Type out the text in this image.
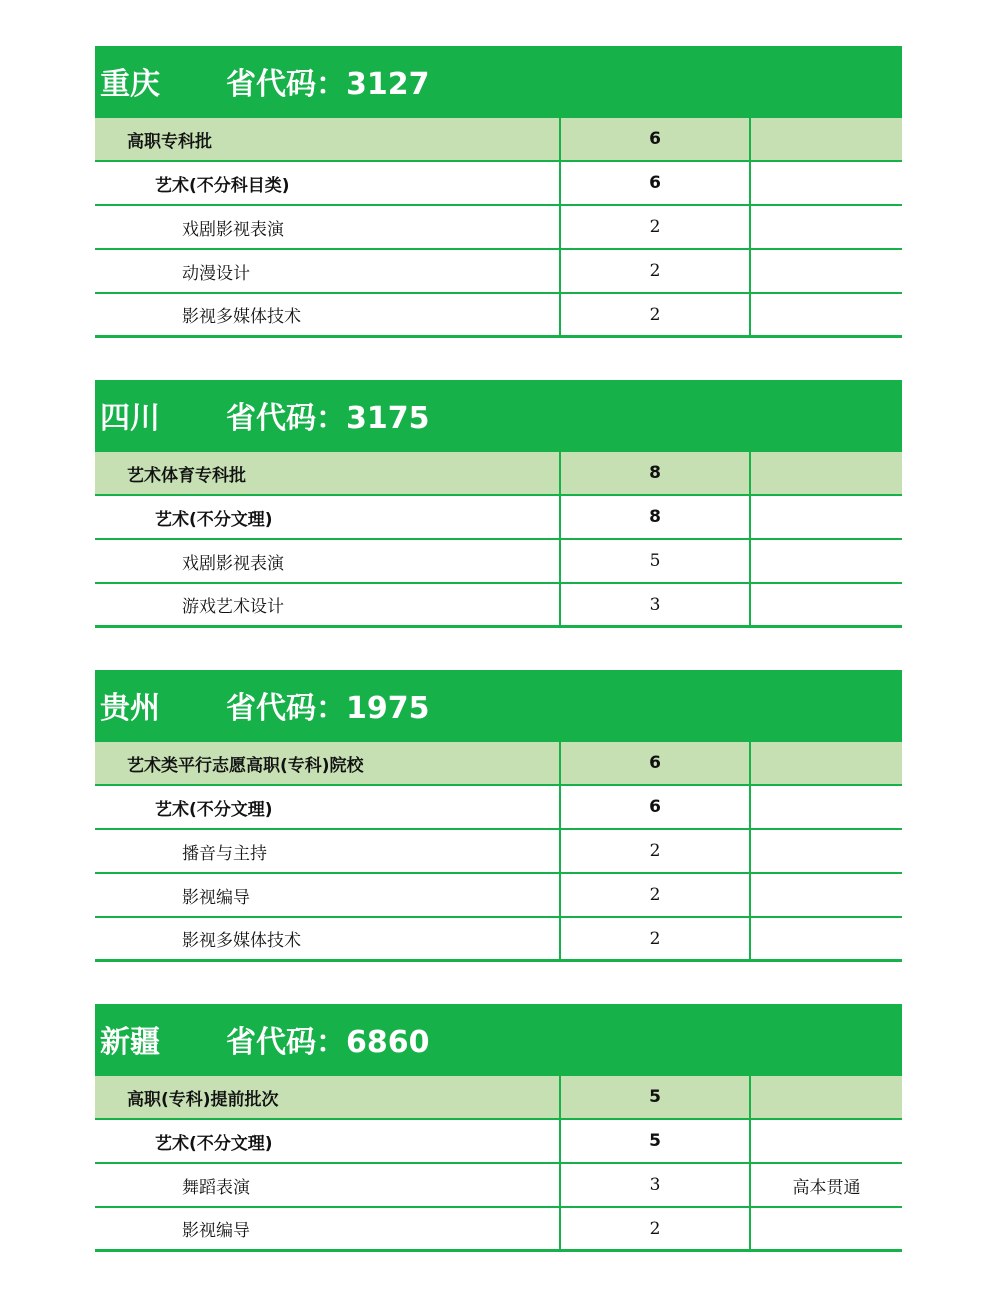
重庆	省代码：3127
高职专科批	6
艺术(不分科目类)	6
戏剧影视表演	2
动漫设计	2
影视多媒体技术	2
四川	省代码：3175
艺术体育专科批	8
艺术(不分文理)	8
戏剧影视表演	5
游戏艺术设计	3
贵州	省代码：1975
艺术类平行志愿高职(专科)院校	6
艺术(不分文理)	6
播音与主持	2
影视编导	2
影视多媒体技术	2
新疆	省代码：6860
高职(专科)提前批次	5
艺术(不分文理)	5
舞蹈表演	3	高本贯通
影视编导	2
